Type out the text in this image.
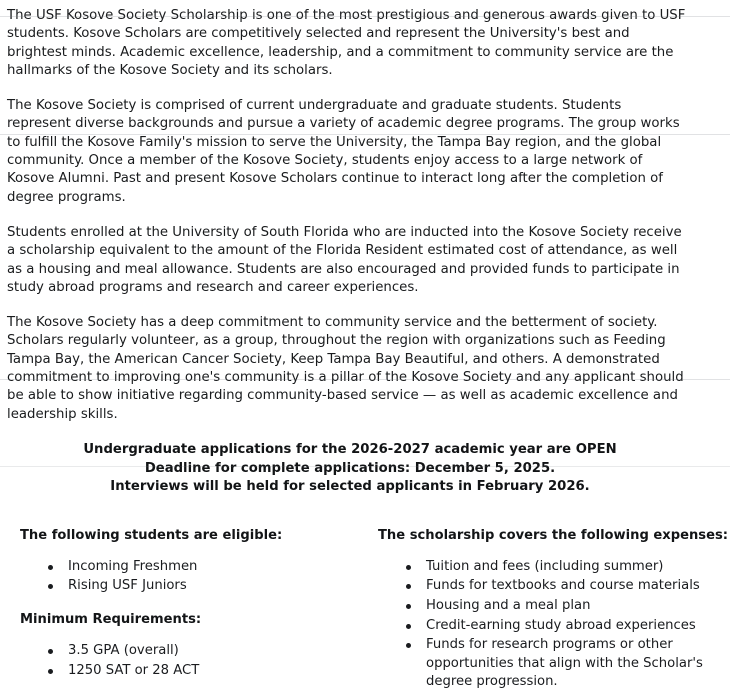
The USF Kosove Society Scholarship is one of the most prestigious and generous awards given to USF students. Kosove Scholars are competitively selected and represent the University's best and brightest minds. Academic excellence, leadership, and a commitment to community service are the hallmarks of the Kosove Society and its scholars.

The Kosove Society is comprised of current undergraduate and graduate students. Students represent diverse backgrounds and pursue a variety of academic degree programs. The group works to fulfill the Kosove Family's mission to serve the University, the Tampa Bay region, and the global community. Once a member of the Kosove Society, students enjoy access to a large network of Kosove Alumni. Past and present Kosove Scholars continue to interact long after the completion of degree programs.

Students enrolled at the University of South Florida who are inducted into the Kosove Society receive a scholarship equivalent to the amount of the Florida Resident estimated cost of attendance, as well as a housing and meal allowance. Students are also encouraged and provided funds to participate in study abroad programs and research and career experiences.

The Kosove Society has a deep commitment to community service and the betterment of society. Scholars regularly volunteer, as a group, throughout the region with organizations such as Feeding Tampa Bay, the American Cancer Society, Keep Tampa Bay Beautiful, and others. A demonstrated commitment to improving one's community is a pillar of the Kosove Society and any applicant should be able to show initiative regarding community-based service — as well as academic excellence and leadership skills.

Undergraduate applications for the 2026-2027 academic year are OPEN
Deadline for complete applications: December 5, 2025.
Interviews will be held for selected applicants in February 2026.
The following students are eligible:
Incoming Freshmen
Rising USF Juniors
Minimum Requirements:
3.5 GPA (overall)
1250 SAT or 28 ACT
The scholarship covers the following expenses:
Tuition and fees (including summer)
Funds for textbooks and course materials
Housing and a meal plan
Credit-earning study abroad experiences
Funds for research programs or other opportunities that align with the Scholar's degree progression.
